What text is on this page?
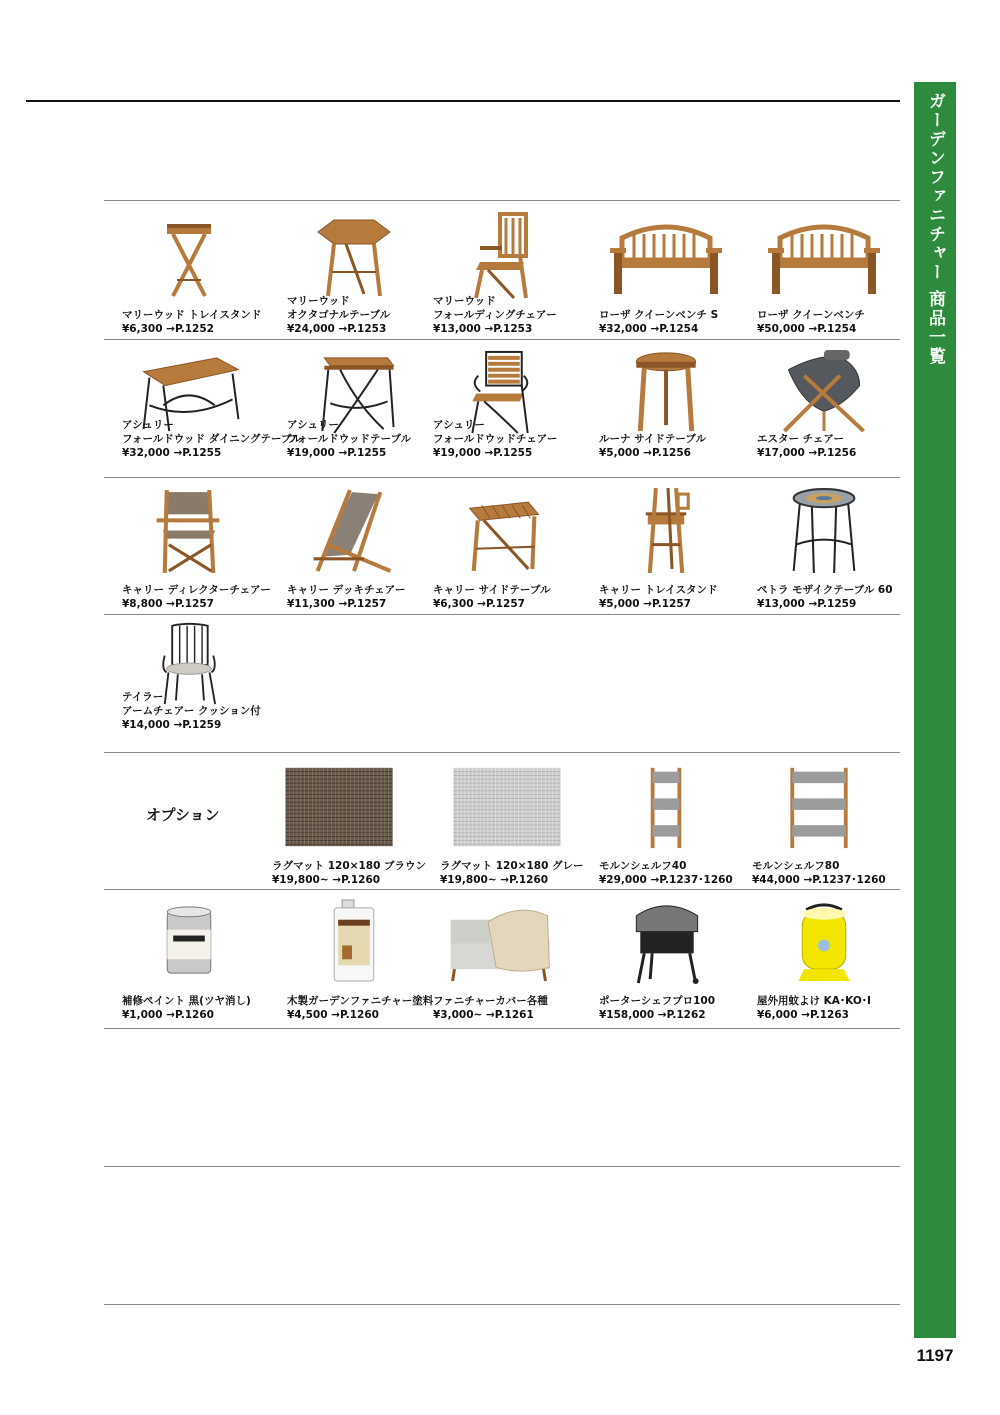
ガーデンファニチャー 商品一覧
1197
オプション
マリーウッド トレイスタンド
¥6,300 →P.1252
マリーウッド
オクタゴナルテーブル
¥24,000 →P.1253
マリーウッド
フォールディングチェアー
¥13,000 →P.1253
ローザ クイーンベンチ S
¥32,000 →P.1254
ローザ クイーンベンチ
¥50,000 →P.1254
アシュリー
フォールドウッド ダイニングテーブル
¥32,000 →P.1255
アシュリー
フォールドウッドテーブル
¥19,000 →P.1255
アシュリー
フォールドウッドチェアー
¥19,000 →P.1255
ルーナ サイドテーブル
¥5,000 →P.1256
エスター チェアー
¥17,000 →P.1256
キャリー ディレクターチェアー
¥8,800 →P.1257
キャリー デッキチェアー
¥11,300 →P.1257
キャリー サイドテーブル
¥6,300 →P.1257
キャリー トレイスタンド
¥5,000 →P.1257
ペトラ モザイクテーブル 60
¥13,000 →P.1259
テイラー
アームチェアー クッション付
¥14,000 →P.1259
ラグマット 120×180 ブラウン
¥19,800~ →P.1260
ラグマット 120×180 グレー
¥19,800~ →P.1260
モルンシェルフ40
¥29,000 →P.1237･1260
モルンシェルフ80
¥44,000 →P.1237･1260
補修ペイント 黒(ツヤ消し)
¥1,000 →P.1260
木製ガーデンファニチャー塗料
¥4,500 →P.1260
ファニチャーカバー各種
¥3,000~ →P.1261
ポーターシェフプロ100
¥158,000 →P.1262
屋外用蚊よけ KA･KO･I
¥6,000 →P.1263
